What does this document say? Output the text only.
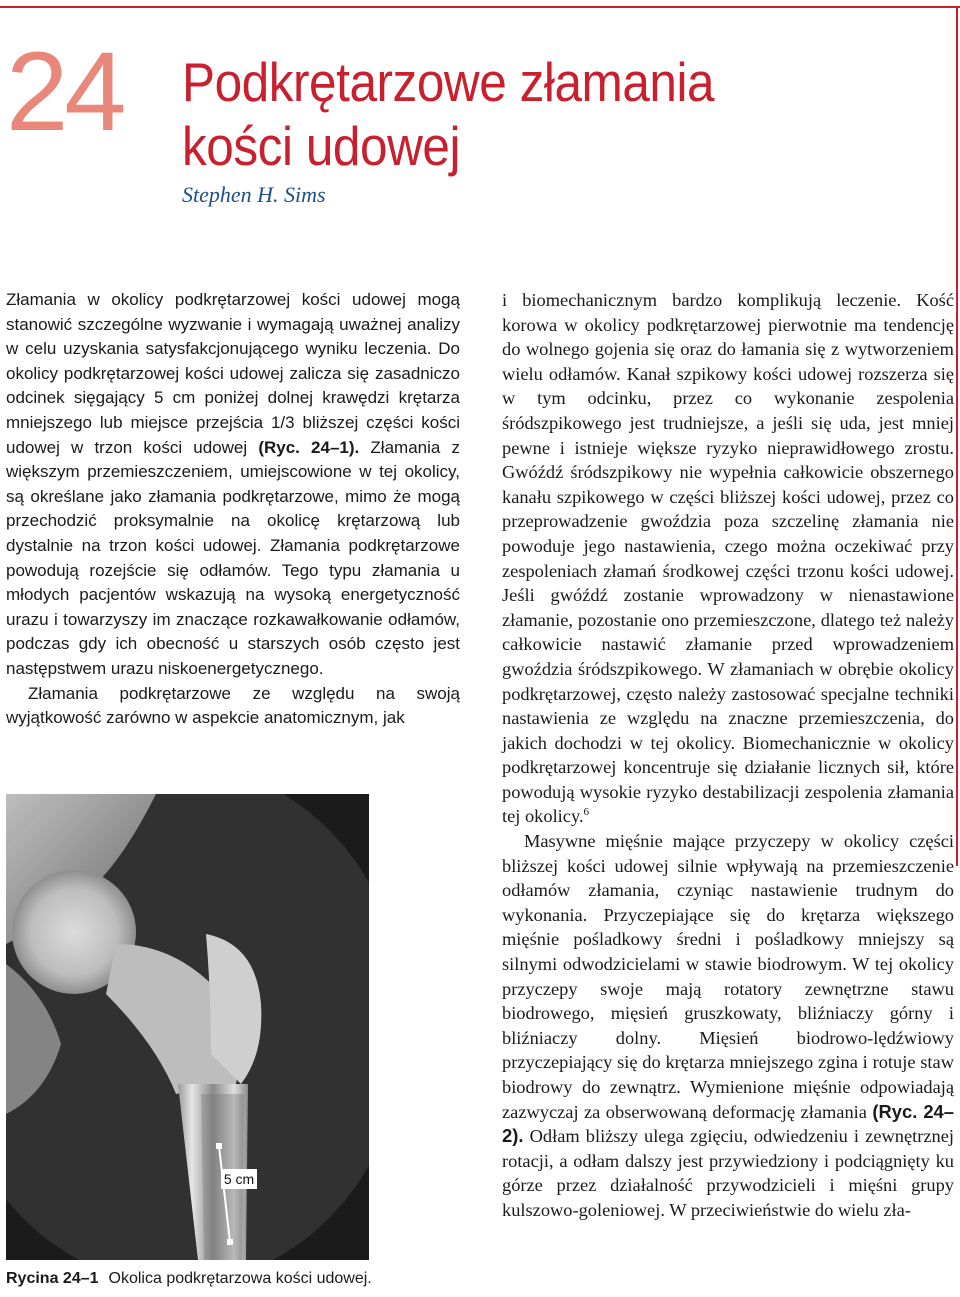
24 Podkrętarzowe złamania
kości udowej
Stephen H. Sims

Złamania w okolicy podkrętarzowej kości udowej mogą stanowić szczególne wyzwanie i wymagają uważnej analizy w celu uzyskania satysfakcjonującego wyniku leczenia. Do okolicy podkrętarzowej kości udowej zalicza się zasadniczo odcinek sięgający 5 cm poniżej dolnej krawędzi krętarza mniejszego lub miejsce przejścia 1/3 bliższej części kości udowej w trzon kości udowej (Ryc. 24–1). Złamania z większym przemieszczeniem, umiejscowione w tej okolicy, są określane jako złamania podkrętarzowe, mimo że mogą przechodzić proksymalnie na okolicę krętarzową lub dystalnie na trzon kości udowej. Złamania podkrętarzowe powodują rozejście się odłamów. Tego typu złamania u młodych pacjentów wskazują na wysoką energetyczność urazu i towarzyszy im znaczące rozkawałkowanie odłamów, podczas gdy ich obecność u starszych osób często jest następstwem urazu niskoenergetycznego.

Złamania podkrętarzowe ze względu na swoją wyjątkowość zarówno w aspekcie anatomicznym, jak

5 cm
Rycina 24–1 Okolica podkrętarzowa kości udowej.

i biomechanicznym bardzo komplikują leczenie. Kość korowa w okolicy podkrętarzowej pierwotnie ma tendencję do wolnego gojenia się oraz do łamania się z wytworzeniem wielu odłamów. Kanał szpikowy kości udowej rozszerza się w tym odcinku, przez co wykonanie zespolenia śródszpikowego jest trudniejsze, a jeśli się uda, jest mniej pewne i istnieje większe ryzyko nieprawidłowego zrostu. Gwóźdź śródszpikowy nie wypełnia całkowicie obszernego kanału szpikowego w części bliższej kości udowej, przez co przeprowadzenie gwoździa poza szczelinę złamania nie powoduje jego nastawienia, czego można oczekiwać przy zespoleniach złamań środkowej części trzonu kości udowej. Jeśli gwóźdź zostanie wprowadzony w nienastawione złamanie, pozostanie ono przemieszczone, dlatego też należy całkowicie nastawić złamanie przed wprowadzeniem gwoździa śródszpikowego. W złamaniach w obrębie okolicy podkrętarzowej, często należy zastosować specjalne techniki nastawienia ze względu na znaczne przemieszczenia, do jakich dochodzi w tej okolicy. Biomechanicznie w okolicy podkrętarzowej koncentruje się działanie licznych sił, które powodują wysokie ryzyko destabilizacji zespolenia złamania tej okolicy.$^6$

Masywne mięśnie mające przyczepy w okolicy części bliższej kości udowej silnie wpływają na przemieszczenie odłamów złamania, czyniąc nastawienie trudnym do wykonania. Przyczepiające się do krętarza większego mięśnie pośladkowy średni i pośladkowy mniejszy są silnymi odwodzicielami w stawie biodrowym. W tej okolicy przyczepy swoje mają rotatory zewnętrzne stawu biodrowego, mięsień gruszkowaty, bliźniaczy górny i bliźniaczy dolny. Mięsień biodrowo-lędźwiowy przyczepiający się do krętarza mniejszego zgina i rotuje staw biodrowy do zewnątrz. Wymienione mięśnie odpowiadają zazwyczaj za obserwowaną deformację złamania (Ryc. 24–2). Odłam bliższy ulega zgięciu, odwiedzeniu i zewnętrznej rotacji, a odłam dalszy jest przywiedziony i podciągnięty ku górze przez działalność przywodzicieli i mięśni grupy kulszowo-goleniowej. W przeciwieństwie do wielu zła-
